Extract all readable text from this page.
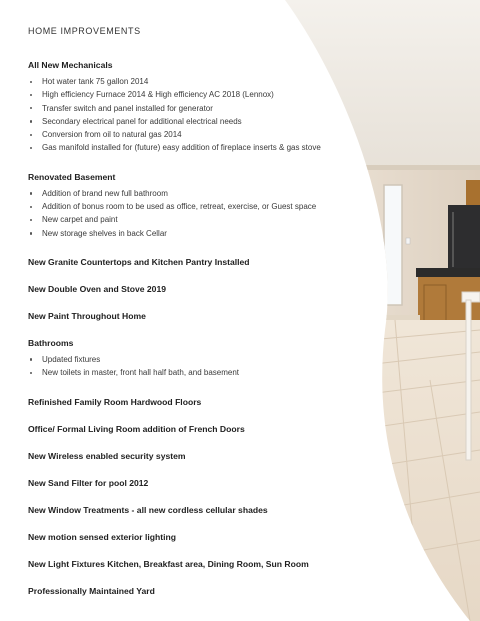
HOME IMPROVEMENTS
All New Mechanicals
Hot water tank 75 gallon 2014
High efficiency Furnace 2014 & High efficiency AC 2018 (Lennox)
Transfer switch and panel installed for generator
Secondary electrical panel for additional electrical needs
Conversion from oil to natural gas 2014
Gas manifold installed for (future) easy addition of fireplace inserts & gas stove
Renovated Basement
Addition of brand new full bathroom
Addition of bonus room to be used as office, retreat, exercise, or Guest space
New carpet and paint
New storage shelves in back Cellar
New Granite Countertops and Kitchen Pantry Installed
New Double Oven and Stove 2019
New Paint Throughout Home
Bathrooms
Updated fixtures
New toilets in master, front hall half bath, and basement
Refinished Family Room Hardwood Floors
Office/ Formal Living Room addition of French Doors
New Wireless enabled security system
New Sand Filter for pool 2012
New Window Treatments - all new cordless cellular shades
New motion sensed exterior lighting
New Light Fixtures Kitchen, Breakfast area, Dining Room, Sun Room
Professionally Maintained Yard
